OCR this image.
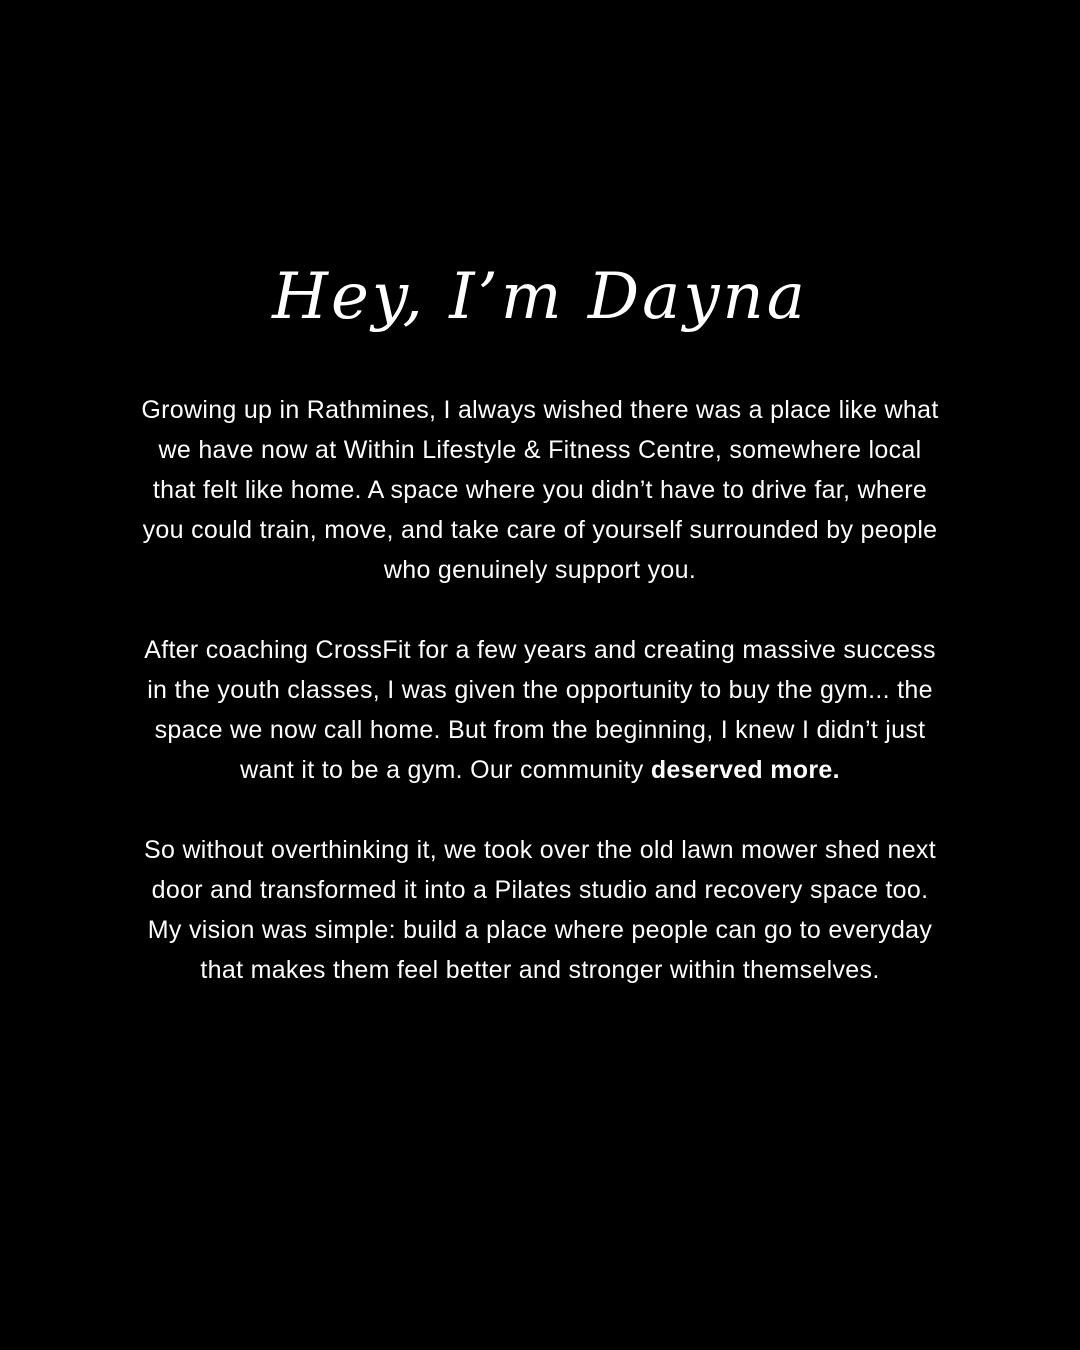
Hey, I’m Dayna

Growing up in Rathmines, I always wished there was a place like what
we have now at Within Lifestyle & Fitness Centre, somewhere local
that felt like home. A space where you didn’t have to drive far, where
you could train, move, and take care of yourself surrounded by people
who genuinely support you.

After coaching CrossFit for a few years and creating massive success
in the youth classes, I was given the opportunity to buy the gym... the
space we now call home. But from the beginning, I knew I didn’t just
want it to be a gym. Our community deserved more.

So without overthinking it, we took over the old lawn mower shed next
door and transformed it into a Pilates studio and recovery space too.
My vision was simple: build a place where people can go to everyday
that makes them feel better and stronger within themselves.
